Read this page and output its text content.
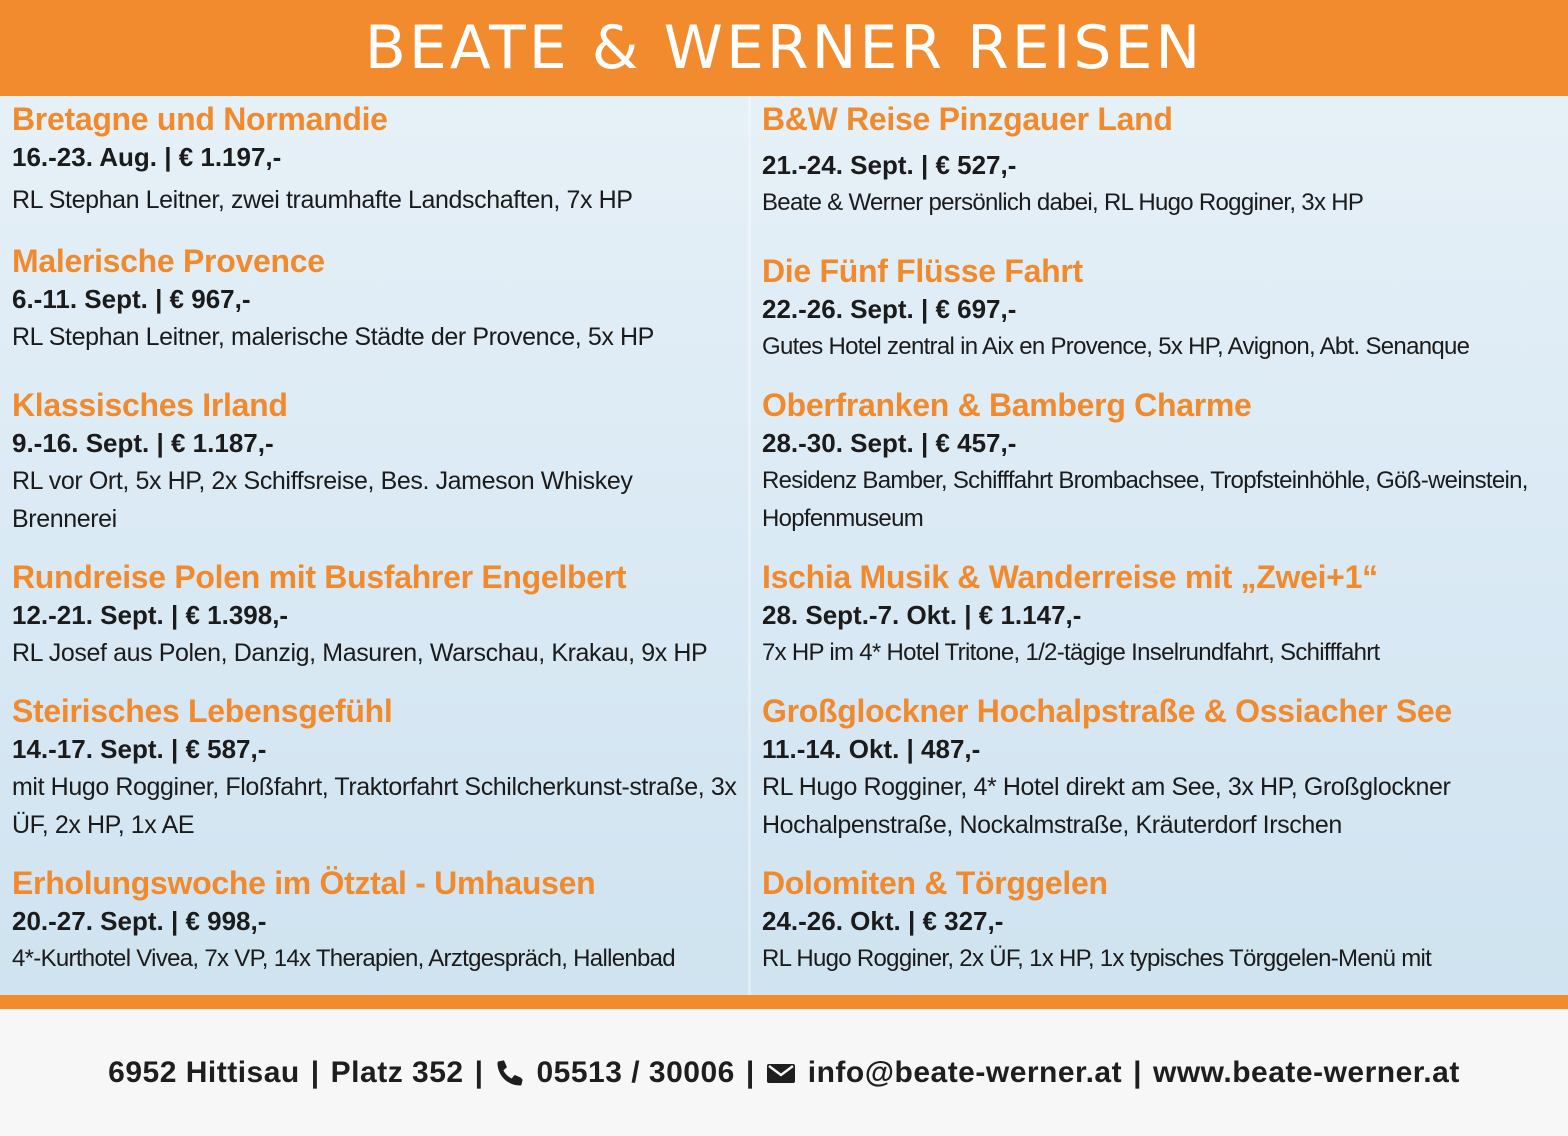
BEATE & WERNER REISEN
Bretagne und Normandie
16.-23. Aug. | € 1.197,-
RL Stephan Leitner, zwei traumhafte Landschaften, 7x HP
Malerische Provence
6.-11. Sept. | € 967,-
RL Stephan Leitner, malerische Städte der Provence, 5x HP
Klassisches Irland
9.-16. Sept. | € 1.187,-
RL vor Ort, 5x HP, 2x Schiffsreise, Bes. Jameson Whiskey Brennerei
Rundreise Polen mit Busfahrer Engelbert
12.-21. Sept. | € 1.398,-
RL Josef aus Polen, Danzig, Masuren, Warschau, Krakau, 9x HP
Steirisches Lebensgefühl
14.-17. Sept. | € 587,-
mit Hugo Rogginer, Floßfahrt, Traktorfahrt Schilcherkunst-straße, 3x ÜF, 2x HP, 1x AE
Erholungswoche im Ötztal - Umhausen
20.-27. Sept. | € 998,-
4*-Kurthotel Vivea, 7x VP, 14x Therapien, Arztgespräch, Hallenbad
B&W Reise Pinzgauer Land
21.-24. Sept. | € 527,-
Beate & Werner persönlich dabei, RL Hugo Rogginer, 3x HP
Die Fünf Flüsse Fahrt
22.-26. Sept. | € 697,-
Gutes Hotel zentral in Aix en Provence, 5x HP, Avignon, Abt. Senanque
Oberfranken & Bamberg Charme
28.-30. Sept. | € 457,-
Residenz Bamber, Schifffahrt Brombachsee, Tropfsteinhöhle, Göß-weinstein, Hopfenmuseum
Ischia Musik & Wanderreise mit „Zwei+1“
28. Sept.-7. Okt. | € 1.147,-
7x HP im 4* Hotel Tritone, 1/2-tägige Inselrundfahrt, Schifffahrt
Großglockner Hochalpstraße & Ossiacher See
11.-14. Okt. | 487,-
RL Hugo Rogginer, 4* Hotel direkt am See, 3x HP, Großglockner Hochalpenstraße, Nockalmstraße, Kräuterdorf Irschen
Dolomiten & Törggelen
24.-26. Okt. | € 327,-
RL Hugo Rogginer, 2x ÜF, 1x HP, 1x typisches Törggelen-Menü mit
6952 Hittisau | Platz 352 | 05513 / 30006 | info@beate-werner.at | www.beate-werner.at
